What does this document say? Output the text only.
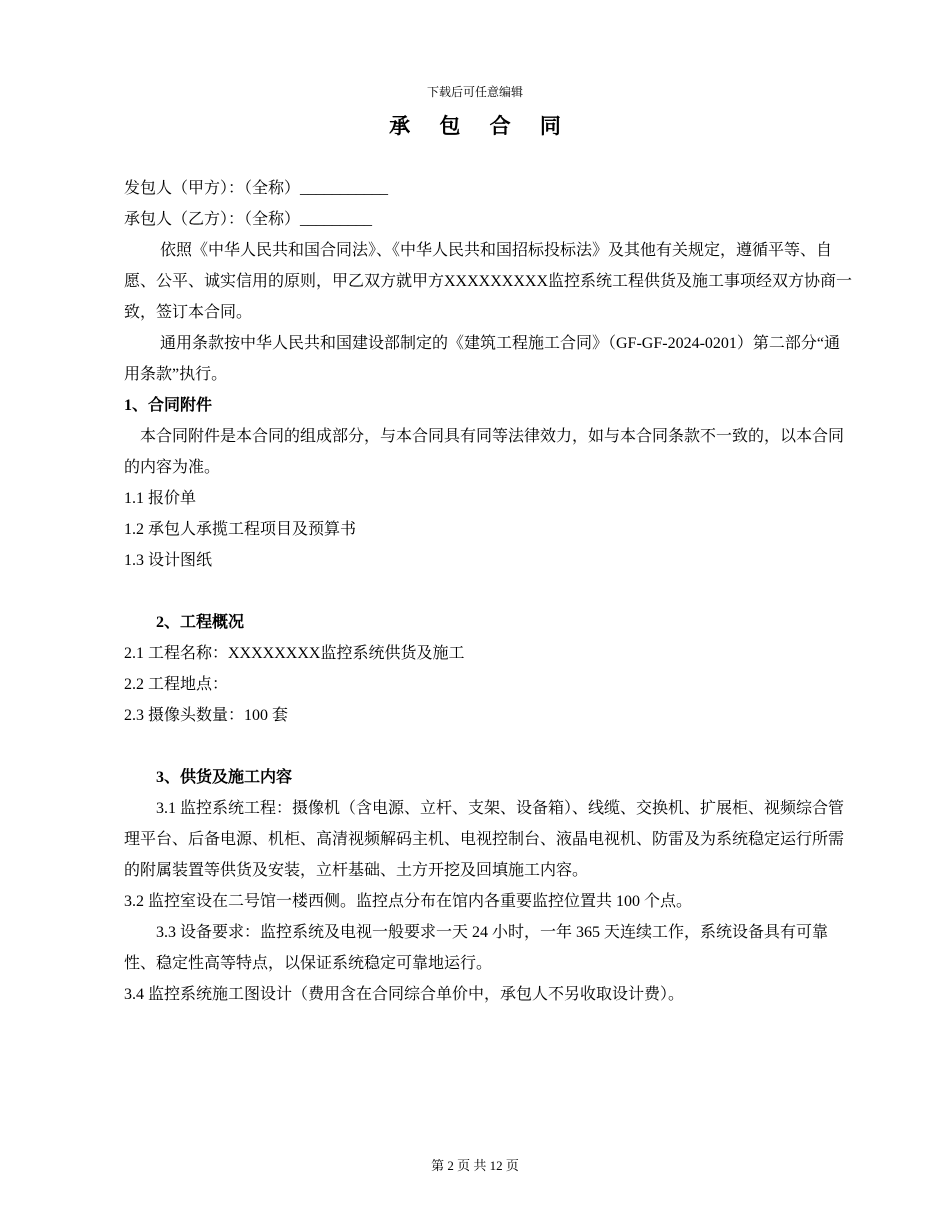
下载后可任意编辑
承 包 合 同

发包人（甲方）：（全称）___________

承包人（乙方）：（全称）_________

依照《中华人民共和国合同法》、《中华人民共和国招标投标法》及其他有关规定，遵循平等、自愿、公平、诚实信用的原则，甲乙双方就甲方XXXXXXXXX监控系统工程供货及施工事项经双方协商一致，签订本合同。

通用条款按中华人民共和国建设部制定的《建筑工程施工合同》（GF-GF-2024-0201）第二部分“通用条款”执行。

1、合同附件

本合同附件是本合同的组成部分，与本合同具有同等法律效力，如与本合同条款不一致的，以本合同的内容为准。

1.1 报价单

1.2 承包人承揽工程项目及预算书

1.3 设计图纸

2、工程概况

2.1 工程名称：XXXXXXXX监控系统供货及施工

2.2 工程地点：

2.3 摄像头数量：100 套

3、供货及施工内容

3.1 监控系统工程：摄像机（含电源、立杆、支架、设备箱）、线缆、交换机、扩展柜、视频综合管理平台、后备电源、机柜、高清视频解码主机、电视控制台、液晶电视机、防雷及为系统稳定运行所需的附属装置等供货及安装，立杆基础、土方开挖及回填施工内容。

3.2 监控室设在二号馆一楼西侧。监控点分布在馆内各重要监控位置共 100 个点。

3.3 设备要求：监控系统及电视一般要求一天 24 小时，一年 365 天连续工作，系统设备具有可靠性、稳定性高等特点，以保证系统稳定可靠地运行。

3.4 监控系统施工图设计（费用含在合同综合单价中，承包人不另收取设计费）。

第 2 页 共 12 页
